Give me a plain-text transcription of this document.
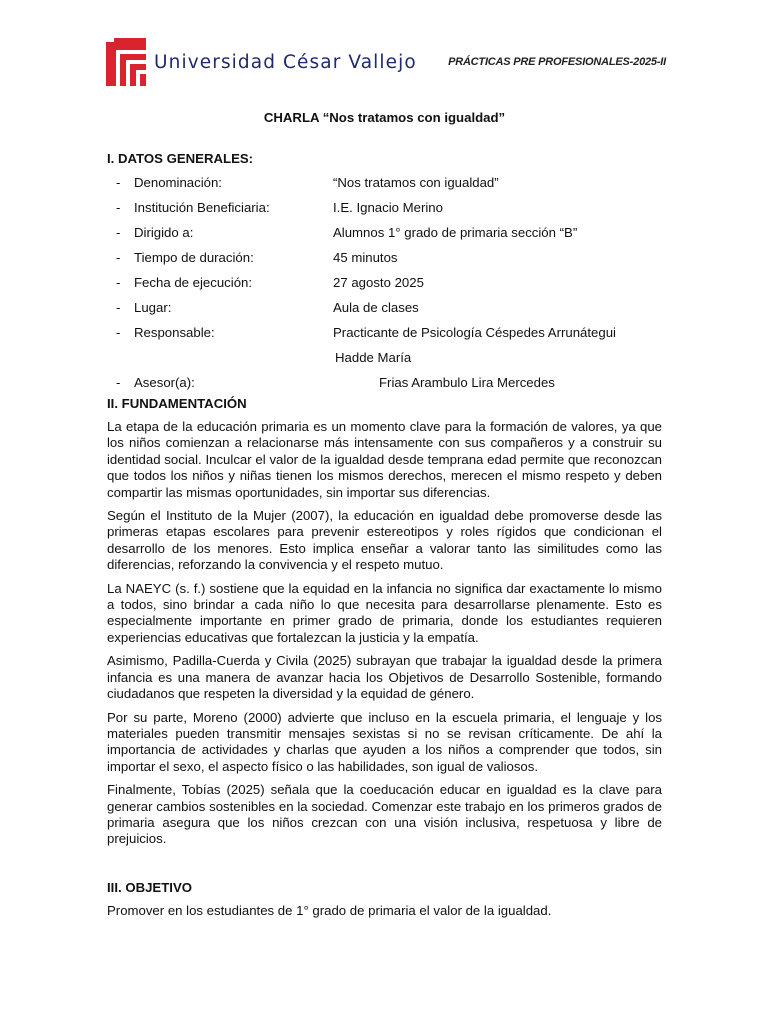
Universidad César Vallejo	PRÁCTICAS PRE PROFESIONALES-2025-II
CHARLA “Nos tratamos con igualdad”
I. DATOS GENERALES:
- Denominación:	“Nos tratamos con igualdad”
- Institución Beneficiaria:	I.E. Ignacio Merino
- Dirigido a:	Alumnos 1° grado de primaria sección “B”
- Tiempo de duración:	45 minutos
- Fecha de ejecución:	27 agosto 2025
- Lugar:	Aula de clases
- Responsable:	Practicante de Psicología Céspedes Arrunátegui
Hadde María
- Asesor(a):	Frias Arambulo Lira Mercedes
II. FUNDAMENTACIÓN

La etapa de la educación primaria es un momento clave para la formación de valores, ya que los niños comienzan a relacionarse más intensamente con sus compañeros y a construir su identidad social. Inculcar el valor de la igualdad desde temprana edad permite que reconozcan que todos los niños y niñas tienen los mismos derechos, merecen el mismo respeto y deben compartir las mismas oportunidades, sin importar sus diferencias.

Según el Instituto de la Mujer (2007), la educación en igualdad debe promoverse desde las primeras etapas escolares para prevenir estereotipos y roles rígidos que condicionan el desarrollo de los menores. Esto implica enseñar a valorar tanto las similitudes como las diferencias, reforzando la convivencia y el respeto mutuo.

La NAEYC (s. f.) sostiene que la equidad en la infancia no significa dar exactamente lo mismo a todos, sino brindar a cada niño lo que necesita para desarrollarse plenamente. Esto es especialmente importante en primer grado de primaria, donde los estudiantes requieren experiencias educativas que fortalezcan la justicia y la empatía.

Asimismo, Padilla-Cuerda y Civila (2025) subrayan que trabajar la igualdad desde la primera infancia es una manera de avanzar hacia los Objetivos de Desarrollo Sostenible, formando ciudadanos que respeten la diversidad y la equidad de género.

Por su parte, Moreno (2000) advierte que incluso en la escuela primaria, el lenguaje y los materiales pueden transmitir mensajes sexistas si no se revisan críticamente. De ahí la importancia de actividades y charlas que ayuden a los niños a comprender que todos, sin importar el sexo, el aspecto físico o las habilidades, son igual de valiosos.

Finalmente, Tobías (2025) señala que la coeducación educar en igualdad es la clave para generar cambios sostenibles en la sociedad. Comenzar este trabajo en los primeros grados de primaria asegura que los niños crezcan con una visión inclusiva, respetuosa y libre de prejuicios.

III. OBJETIVO

Promover en los estudiantes de 1° grado de primaria el valor de la igualdad.
